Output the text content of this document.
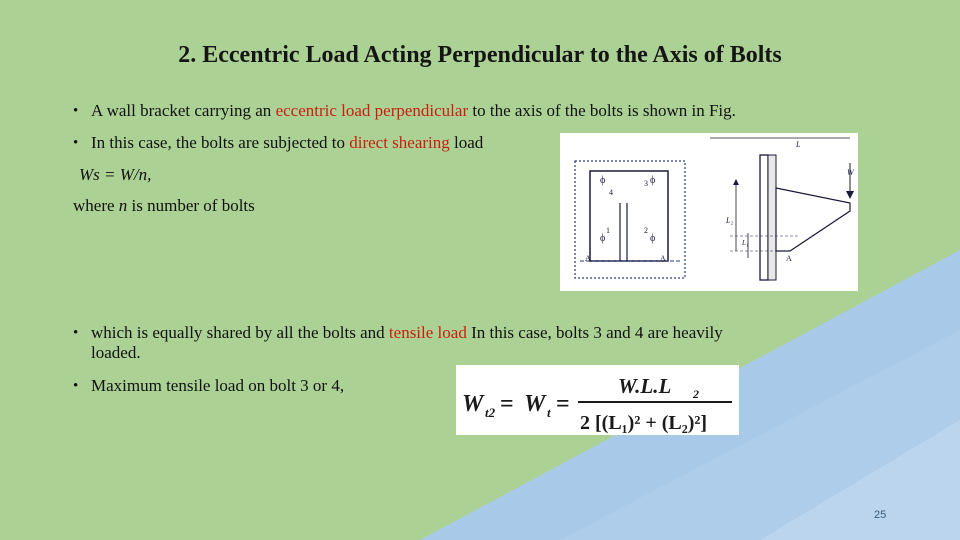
2. Eccentric Load Acting Perpendicular to the Axis of Bolts
• A wall bracket carrying an eccentric load perpendicular to the axis of the bolts is shown in Fig.
• In this case, the bolts are subjected to direct shearing load
Ws = W/n,
where n is number of bolts
ϕ	ϕ
ϕ	ϕ
1	2
4
3
A	A
L
W
L₂
L₁
A
• which is equally shared by all the bolts and tensile load In this case, bolts 3 and 4 are heavily
loaded.
• Maximum tensile load on bolt 3 or 4,
W t2 = W t =
W.L.L 2
2 [(L₁)² + (L₂)²]
25
